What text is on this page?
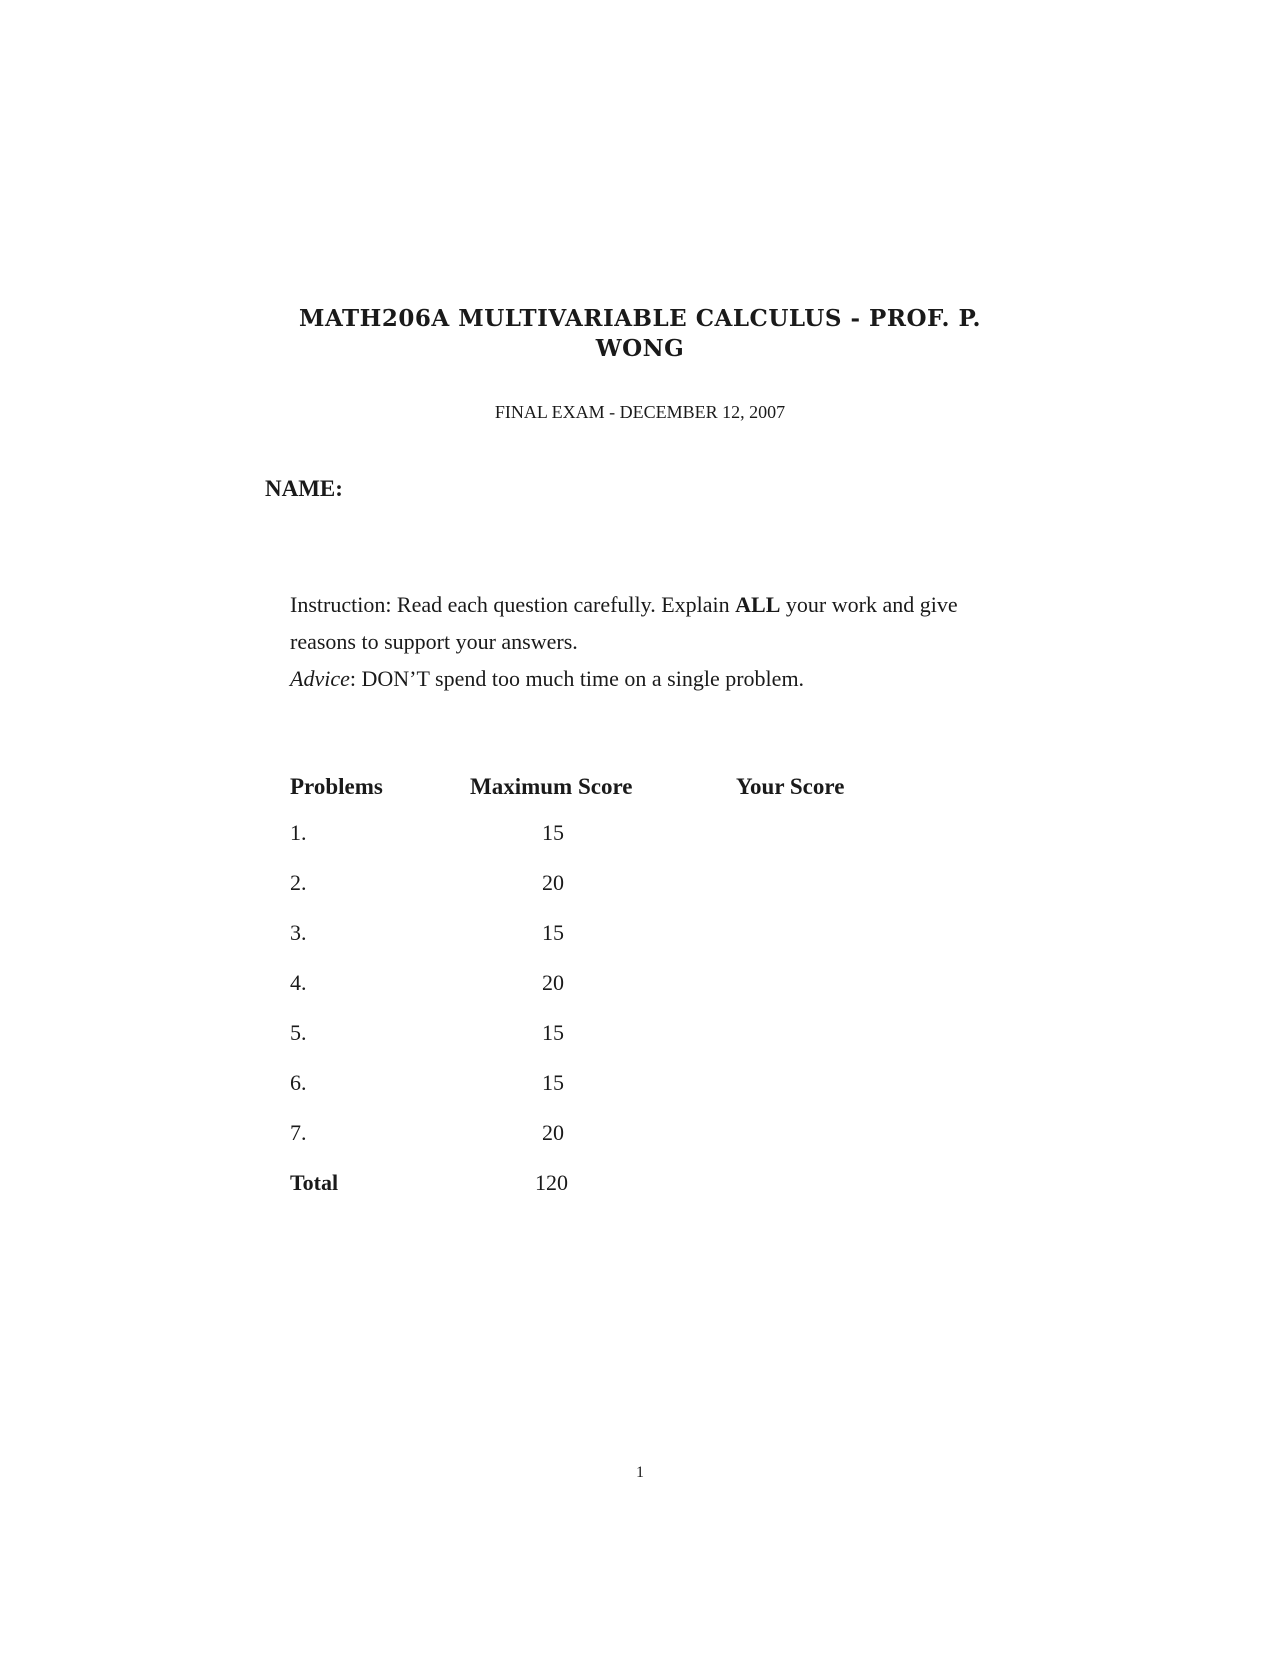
MATH206A MULTIVARIABLE CALCULUS - PROF. P. WONG
FINAL EXAM - DECEMBER 12, 2007
NAME:

Instruction: Read each question carefully. Explain ALL your work and give reasons to support your answers.

Advice: DON’T spend too much time on a single problem.

Problems	Maximum Score	Your Score
1.	15	
2.	20	
3.	15	
4.	20	
5.	15	
6.	15	
7.	20	
Total	120	
1
